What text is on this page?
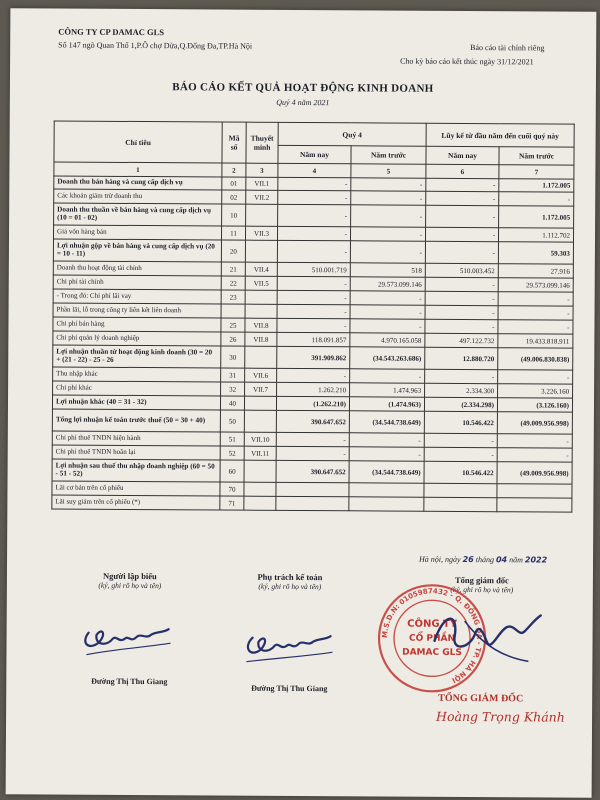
CÔNG TY CP DAMAC GLS
Số 147 ngõ Quan Thổ 1,P.Ô chợ Dừa,Q.Đống Đa,TP.Hà Nội	Báo cáo tài chính riêng
Cho kỳ báo cáo kết thúc ngày 31/12/2021
BÁO CÁO KẾT QUẢ HOẠT ĐỘNG KINH DOANH
Quý 4 năm 2021
Chỉ tiêu	Mã số	Thuyết minh	Quý 4		Lũy kế từ đầu năm đến cuối quý này	
			Năm nay	Năm trước	Năm nay	Năm trước
1	2	3	4	5	6	7
Doanh thu bán hàng và cung cấp dịch vụ	01	VII.1	-	-	-	1.172.005
Các khoản giảm trừ doanh thu	02	VII.2	-	-	-	-
Doanh thu thuần về bán hàng và cung cấp dịch vụ (10 = 01 - 02)	10		-	-	-	1.172.005
Giá vốn hàng bán	11	VII.3	-	-	-	1.112.702
Lợi nhuận gộp về bán hàng và cung cấp dịch vụ (20 = 10 - 11)	20		-	-	-	59.303
Doanh thu hoạt động tài chính	21	VII.4	510.001.719	518	510.003.452	27.916
Chi phí tài chính	22	VII.5	-	29.573.099.146	-	29.573.099.146
- Trong đó: Chi phí lãi vay	23		-	-	-	-
Phần lãi, lỗ trong công ty liên kết liên doanh			-	-	-	-
Chi phí bán hàng	25	VII.8	-	-	-	-
Chi phí quản lý doanh nghiệp	26	VII.8	118.091.857	4.970.165.058	497.122.732	19.433.818.911
Lợi nhuận thuần từ hoạt động kinh doanh (30 = 20 + (21 - 22) - 25 - 26	30		391.909.862	(34.543.263.686)	12.880.720	(49.006.830.838)
Thu nhập khác	31	VII.6	-	-	-	-
Chi phí khác	32	VII.7	1.262.210	1.474.963	2.334.300	3.226.160
Lợi nhuận khác (40 = 31 - 32)	40		(1.262.210)	(1.474.963)	(2.334.298)	(3.126.160)
Tổng lợi nhuận kế toán trước thuế (50 = 30 + 40)	50		390.647.652	(34.544.738.649)	10.546.422	(49.009.956.998)
Chi phí thuế TNDN hiện hành	51	VII.10	-	-	-	-
Chi phí thuế TNDN hoãn lại	52	VII.11	-	-	-	-
Lợi nhuận sau thuế thu nhập doanh nghiệp (60 = 50 - 51 - 52)	60		390.647.652	(34.544.738.649)	10.546.422	(49.009.956.998)
Lãi cơ bản trên cổ phiếu	70					
Lãi suy giảm trên cổ phiếu (*)	71					
Hà nội, ngày 26 tháng 04 năm 2022
Người lập biểu
(ký, ghi rõ họ và tên)
Đường Thị Thu Giang
Phụ trách kế toán
(ký, ghi rõ họ và tên)
Đường Thị Thu Giang
Tổng giám đốc
(ký, ghi rõ họ và tên)
M.S.D.N: 0105987432 - Q. ĐỐNG ĐA - TP. HÀ NỘI
CÔNG TY
CỔ PHẦN
DAMAC GLS
TỔNG GIÁM ĐỐC
Hoàng Trọng Khánh
